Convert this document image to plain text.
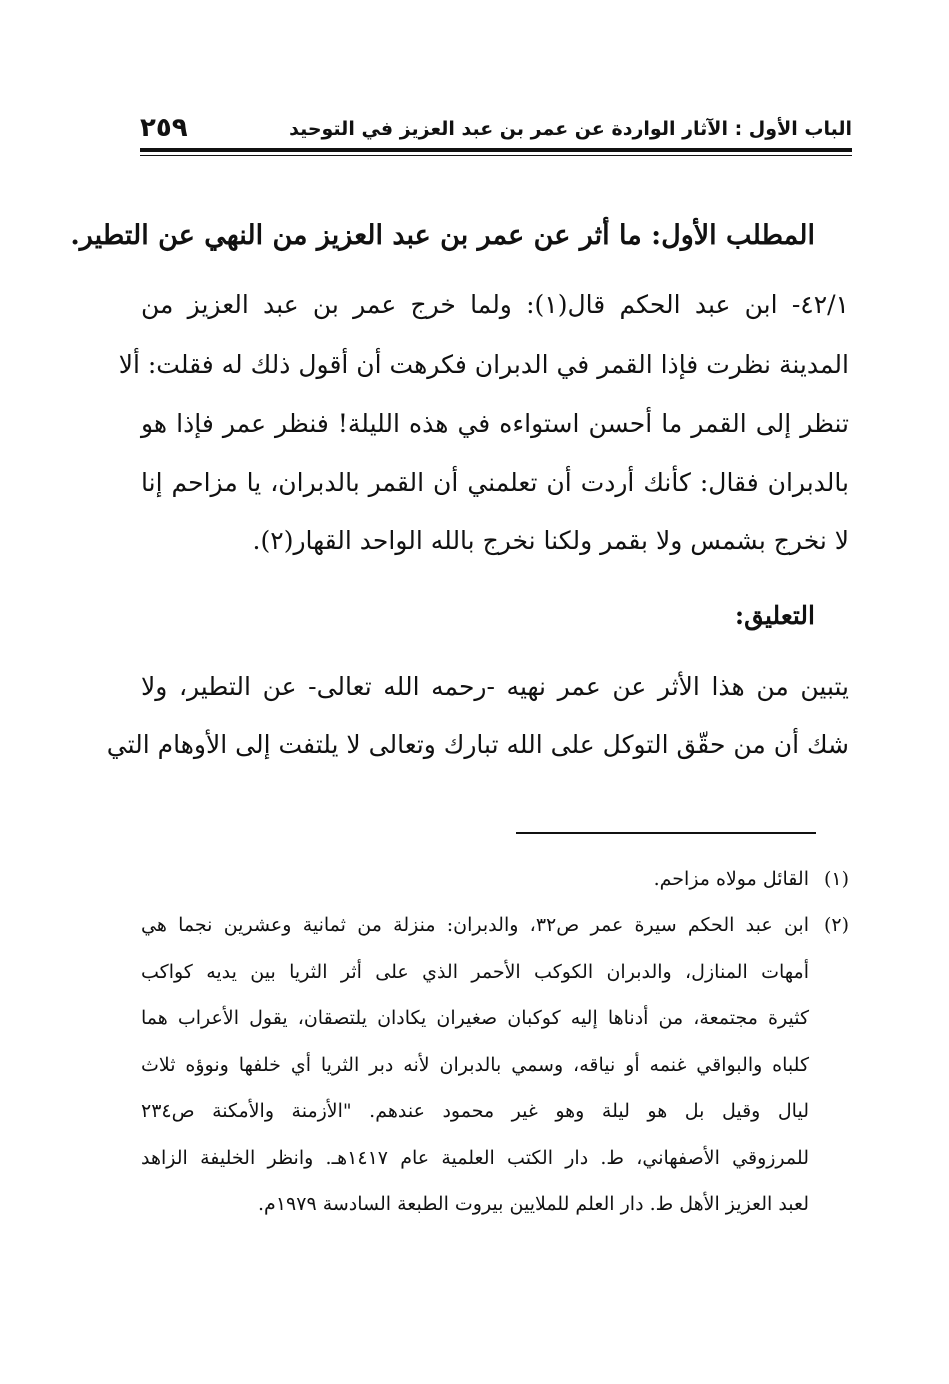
الباب الأول : الآثار الواردة عن عمر بن عبد العزيز في التوحيد
٢٥٩
المطلب الأول: ما أثر عن عمر بن عبد العزيز من النهي عن التطير.
٤٢/١- ابن عبد الحكم قال(١): ولما خرج عمر بن عبد العزيز من
المدينة نظرت فإذا القمر في الدبران فكرهت أن أقول ذلك له فقلت: ألا
تنظر إلى القمر ما أحسن استواءه في هذه الليلة! فنظر عمر فإذا هو
بالدبران فقال: كأنك أردت أن تعلمني أن القمر بالدبران، يا مزاحم إنا
لا نخرج بشمس ولا بقمر ولكنا نخرج بالله الواحد القهار(٢).
التعليق:
يتبين من هذا الأثر عن عمر نهيه -رحمه الله تعالى- عن التطير، ولا
شك أن من حقّق التوكل على الله تبارك وتعالى لا يلتفت إلى الأوهام التي
(١)
القائل مولاه مزاحم.
(٢)
ابن عبد الحكم سيرة عمر ص٣٢، والدبران: منزلة من ثمانية وعشرين نجما هي
أمهات المنازل، والدبران الكوكب الأحمر الذي على أثر الثريا بين يديه كواكب
كثيرة مجتمعة، من أدناها إليه كوكبان صغيران يكادان يلتصقان، يقول الأعراب هما
كلباه والبواقي غنمه أو نياقه، وسمي بالدبران لأنه دبر الثريا أي خلفها ونوؤه ثلاث
ليال وقيل بل هو ليلة وهو غير محمود عندهم. "الأزمنة والأمكنة ص٢٣٤
للمرزوقي الأصفهاني، ط. دار الكتب العلمية عام ١٤١٧هـ. وانظر الخليفة الزاهد
لعبد العزيز الأهل ط. دار العلم للملايين بيروت الطبعة السادسة ١٩٧٩م.
